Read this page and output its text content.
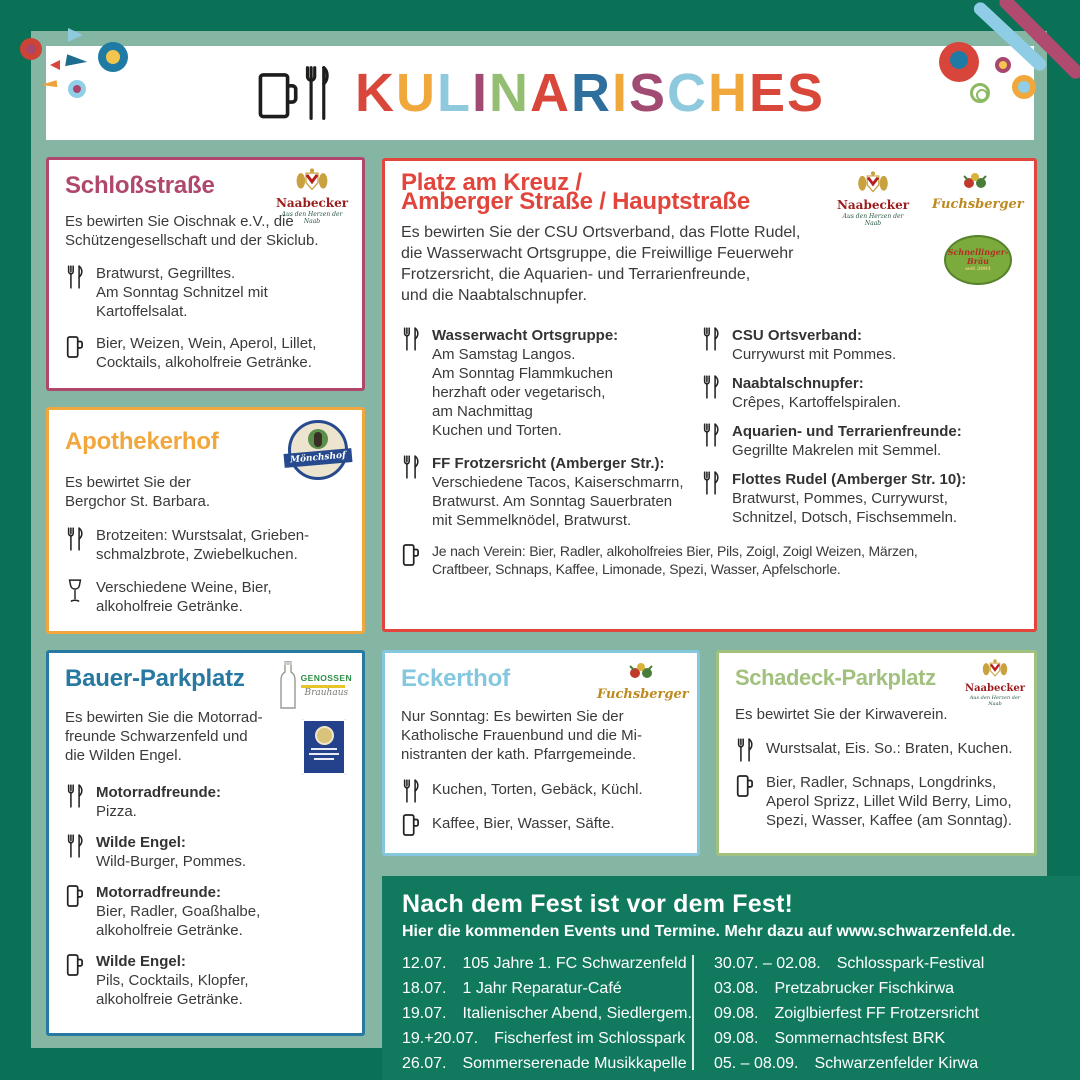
KULINARISCHES
Schloßstraße
Naabecker
Aus den Herzen der Naab
Es bewirten Sie Oischnak e.V., die
Schützengesellschaft und der Skiclub.
Bratwurst, Gegrilltes.
Am Sonntag Schnitzel mit
Kartoffelsalat.
Bier, Weizen, Wein, Aperol, Lillet,
Cocktails, alkoholfreie Getränke.
Platz am Kreuz /
Amberger Straße / Hauptstraße	Naabecker
Aus den Herzen der Naab
Fuchsberger
Schnellinger-Bräu
seit 2001
Es bewirten Sie der CSU Ortsverband, das Flotte Rudel,
die Wasserwacht Ortsgruppe, die Freiwillige Feuerwehr
Frotzersricht, die Aquarien- und Terrarienfreunde,
und die Naabtalschnupfer.
Wasserwacht Ortsgruppe:
Am Samstag Langos.
Am Sonntag Flammkuchen
herzhaft oder vegetarisch,
am Nachmittag
Kuchen und Torten.
FF Frotzersricht (Amberger Str.):
Verschiedene Tacos, Kaiserschmarrn,
Bratwurst. Am Sonntag Sauerbraten
mit Semmelknödel, Bratwurst.
CSU Ortsverband:
Currywurst mit Pommes.
Naabtalschnupfer:
Crêpes, Kartoffelspiralen.
Aquarien- und Terrarienfreunde:
Gegrillte Makrelen mit Semmel.
Flottes Rudel (Amberger Str. 10):
Bratwurst, Pommes, Currywurst,
Schnitzel, Dotsch, Fischsemmeln.
Je nach Verein: Bier, Radler, alkoholfreies Bier, Pils, Zoigl, Zoigl Weizen, Märzen,
Craftbeer, Schnaps, Kaffee, Limonade, Spezi, Wasser, Apfelschorle.
Apothekerhof
Mönchshof
Es bewirtet Sie der
Bergchor St. Barbara.
Brotzeiten: Wurstsalat, Grieben-
schmalzbrote, Zwiebelkuchen.
Verschiedene Weine, Bier,
alkoholfreie Getränke.
Bauer-Parkplatz	GENOSSEN
Brauhaus
Es bewirten Sie die Motorrad-
freunde Schwarzenfeld und
die Wilden Engel.
Motorradfreunde:
Pizza.
Wilde Engel:
Wild-Burger, Pommes.
Motorradfreunde:
Bier, Radler, Goaßhalbe,
alkoholfreie Getränke.
Wilde Engel:
Pils, Cocktails, Klopfer,
alkoholfreie Getränke.
Eckerthof
Fuchsberger
Nur Sonntag: Es bewirten Sie der
Katholische Frauenbund und die Mi-
nistranten der kath. Pfarrgemeinde.
Kuchen, Torten, Gebäck, Küchl.
Kaffee, Bier, Wasser, Säfte.
Schadeck-Parkplatz	Naabecker
Aus den Herzen der Naab
Es bewirtet Sie der Kirwaverein.
Wurstsalat, Eis. So.: Braten, Kuchen.
Bier, Radler, Schnaps, Longdrinks,
Aperol Sprizz, Lillet Wild Berry, Limo,
Spezi, Wasser, Kaffee (am Sonntag).
Nach dem Fest ist vor dem Fest!
Hier die kommenden Events und Termine. Mehr dazu auf www.schwarzenfeld.de.
12.07. 105 Jahre 1. FC Schwarzenfeld
18.07. 1 Jahr Reparatur-Café
19.07. Italienischer Abend, Siedlergem.
19.+20.07. Fischerfest im Schlosspark
26.07. Sommerserenade Musikkapelle
30.07. – 02.08. Schlosspark-Festival
03.08. Pretzabrucker Fischkirwa
09.08. Zoiglbierfest FF Frotzersricht
09.08. Sommernachtsfest BRK
05. – 08.09. Schwarzenfelder Kirwa
